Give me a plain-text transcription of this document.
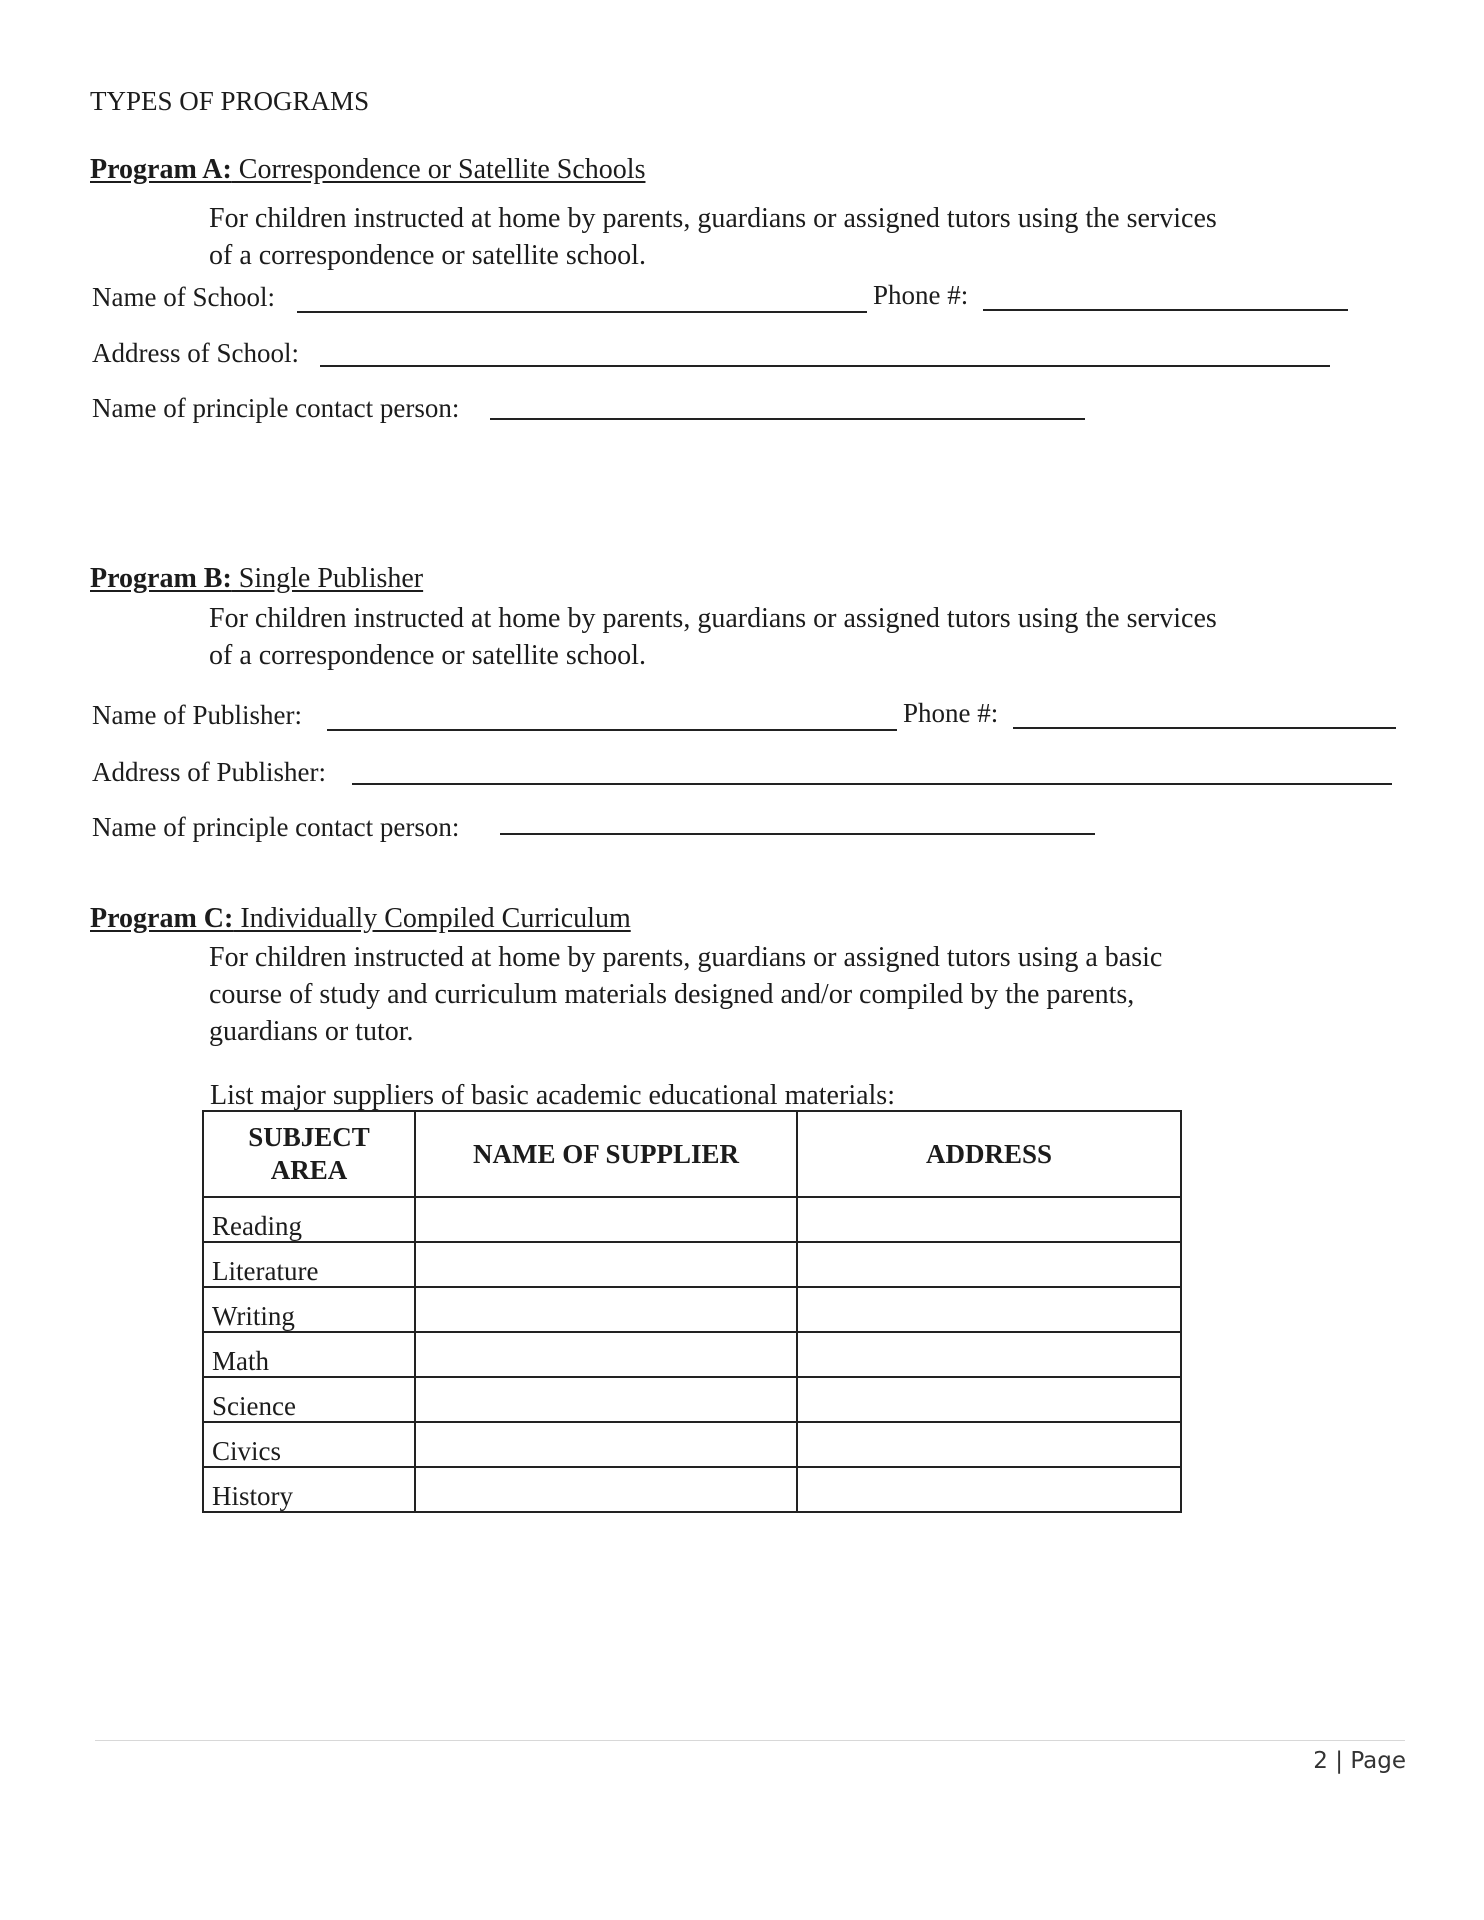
TYPES OF PROGRAMS
Program A: Correspondence or Satellite Schools
For children instructed at home by parents, guardians or assigned tutors using the services
of a correspondence or satellite school.
Name of School:	Phone #:
Address of School:
Name of principle contact person:
Program B: Single Publisher
For children instructed at home by parents, guardians or assigned tutors using the services
of a correspondence or satellite school.
Name of Publisher:	Phone #:
Address of Publisher:
Name of principle contact person:
Program C: Individually Compiled Curriculum
For children instructed at home by parents, guardians or assigned tutors using a basic
course of study and curriculum materials designed and/or compiled by the parents,
guardians or tutor.
List major suppliers of basic academic educational materials:
SUBJECT
AREA	NAME OF SUPPLIER	ADDRESS
Reading		
Literature		
Writing		
Math		
Science		
Civics		
History		
2 | Page
